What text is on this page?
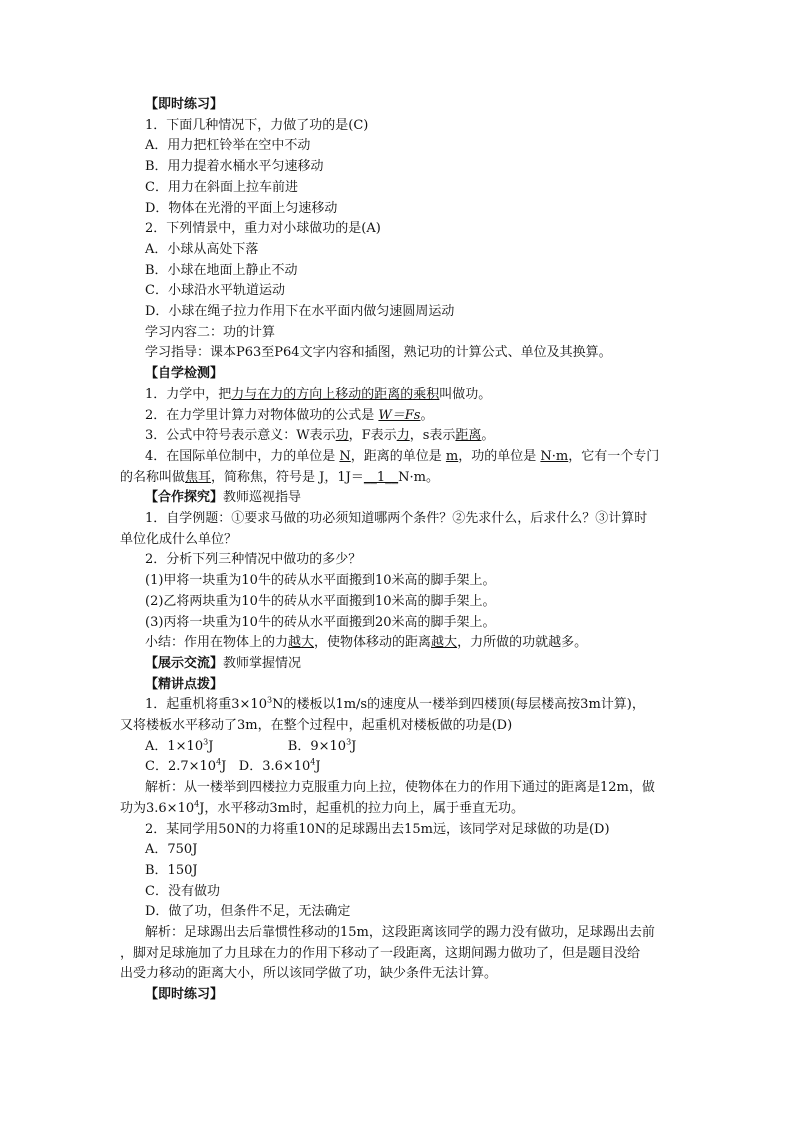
【即时练习】
1．下面几种情况下，力做了功的是(C)
A．用力把杠铃举在空中不动
B．用力提着水桶水平匀速移动
C．用力在斜面上拉车前进
D．物体在光滑的平面上匀速移动
2．下列情景中，重力对小球做功的是(A)
A．小球从高处下落
B．小球在地面上静止不动
C．小球沿水平轨道运动
D．小球在绳子拉力作用下在水平面内做匀速圆周运动
学习内容二：功的计算
学习指导：课本P63至P64文字内容和插图，熟记功的计算公式、单位及其换算。
【自学检测】
1．力学中，把力与在力的方向上移动的距离的乘积叫做功。
2．在力学里计算力对物体做功的公式是 W＝Fs。
3．公式中符号表示意义：W表示功，F表示力，s表示距离。
4．在国际单位制中，力的单位是 N，距离的单位是 m，功的单位是 N·m，它有一个专门
的名称叫做焦耳，简称焦，符号是 J，1J＝__1__N·m。
【合作探究】教师巡视指导
1．自学例题：①要求马做的功必须知道哪两个条件？②先求什么，后求什么？③计算时
单位化成什么单位？
2．分析下列三种情况中做功的多少？
(1)甲将一块重为10牛的砖从水平面搬到10米高的脚手架上。
(2)乙将两块重为10牛的砖从水平面搬到10米高的脚手架上。
(3)丙将一块重为10牛的砖从水平面搬到20米高的脚手架上。
小结：作用在物体上的力越大，使物体移动的距离越大，力所做的功就越多。
【展示交流】教师掌握情况
【精讲点拨】
1．起重机将重$3\times 10^3N$的楼板以1m/s的速度从一楼举到四楼顶(每层楼高按3m计算)，
又将楼板水平移动了3m，在整个过程中，起重机对楼板做的功是(D)
A．$1\times 10^3J$                  B．$9\times 10^3J$
C．$2.7\times 10^4J$   D．$3.6\times 10^4J$
解析：从一楼举到四楼拉力克服重力向上拉，使物体在力的作用下通过的距离是12m，做
功为$3.6\times 10^4J$，水平移动3m时，起重机的拉力向上，属于垂直无功。
2．某同学用50N的力将重10N的足球踢出去15m远，该同学对足球做的功是(D)
A．750J
B．150J
C．没有做功
D．做了功，但条件不足，无法确定
解析：足球踢出去后靠惯性移动的15m，这段距离该同学的踢力没有做功，足球踢出去前
，脚对足球施加了力且球在力的作用下移动了一段距离，这期间踢力做功了，但是题目没给
出受力移动的距离大小，所以该同学做了功，缺少条件无法计算。
【即时练习】
